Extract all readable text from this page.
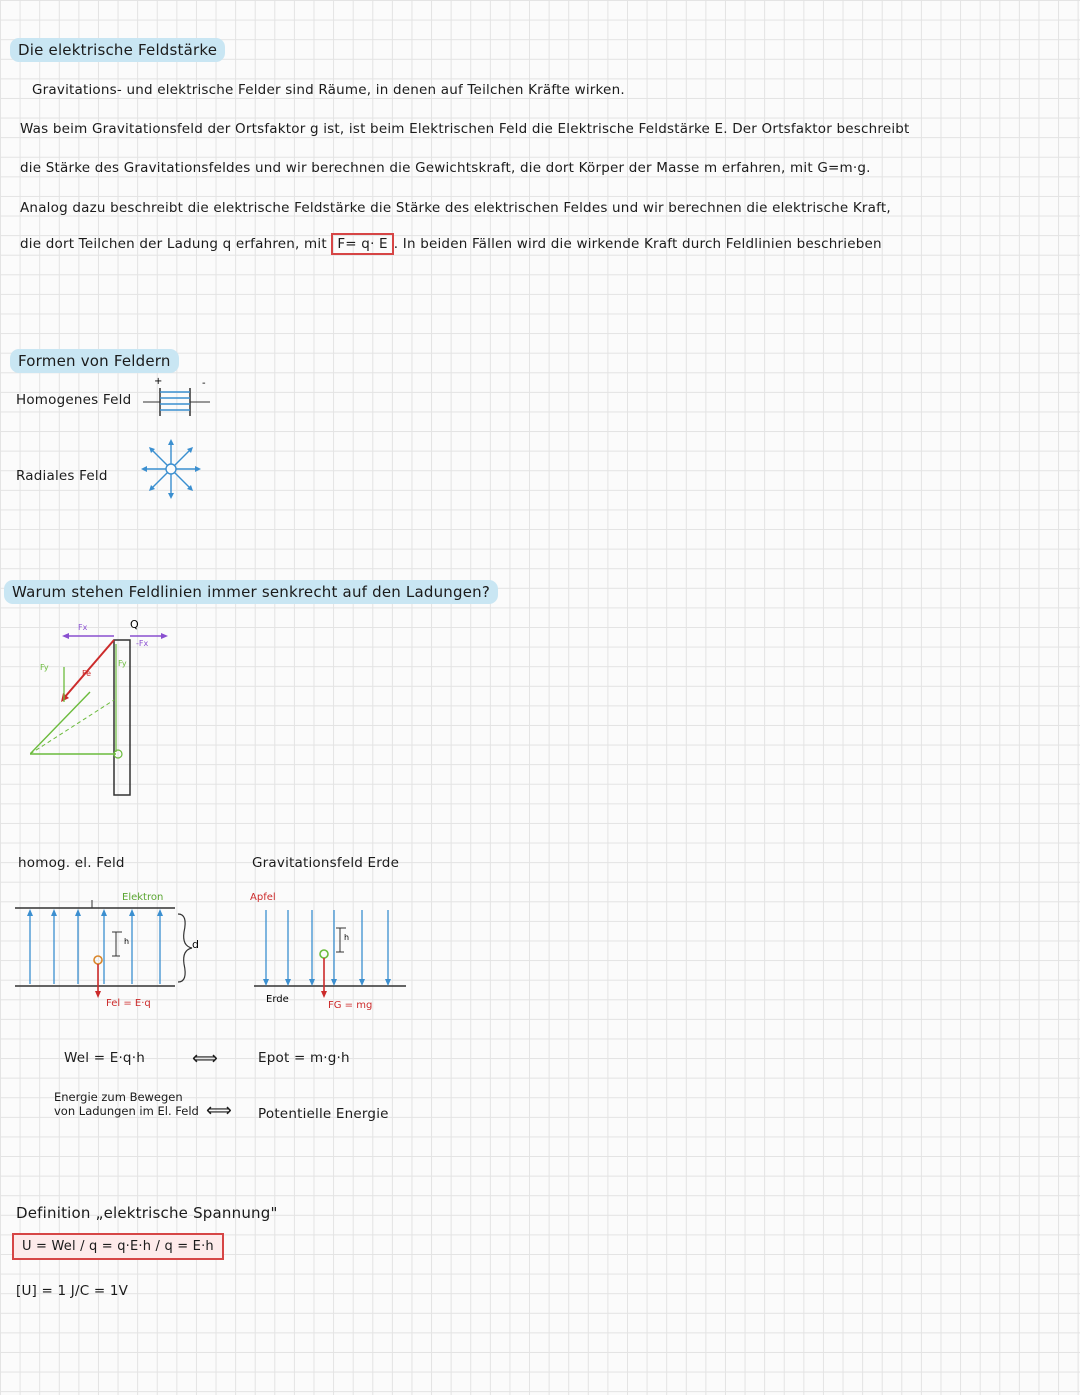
Die elektrische Feldstärke
Gravitations- und elektrische Felder sind Räume, in denen auf Teilchen Kräfte wirken.
Was beim Gravitationsfeld der Ortsfaktor g ist, ist beim Elektrischen Feld die Elektrische Feldstärke E. Der Ortsfaktor beschreibt
die Stärke des Gravitationsfeldes und wir berechnen die Gewichtskraft, die dort Körper der Masse m erfahren, mit G=m·g.
Analog dazu beschreibt die elektrische Feldstärke die Stärke des elektrischen Feldes und wir berechnen die elektrische Kraft,
die dort Teilchen der Ladung q erfahren, mit F= q· E . In beiden Fällen wird die wirkende Kraft durch Feldlinien beschrieben
Formen von Feldern
Homogenes Feld
Radiales Feld
+	-
Warum stehen Feldlinien immer senkrecht auf den Ladungen?
Q
Fx
-Fx
Fe
Fy	Fy
homog. el. Feld	Gravitationsfeld Erde
Elektron
h	d
Fel = E·q
Apfel
h
Erde
FG = mg
Wel = E·q·h	⟺	Epot = m·g·h
Energie zum Bewegen von Ladungen im El. Feld ⟺ Potentielle Energie
Definition „elektrische Spannung"
U = Wel / q = q·E·h / q = E·h
[U] = 1 J/C = 1V
